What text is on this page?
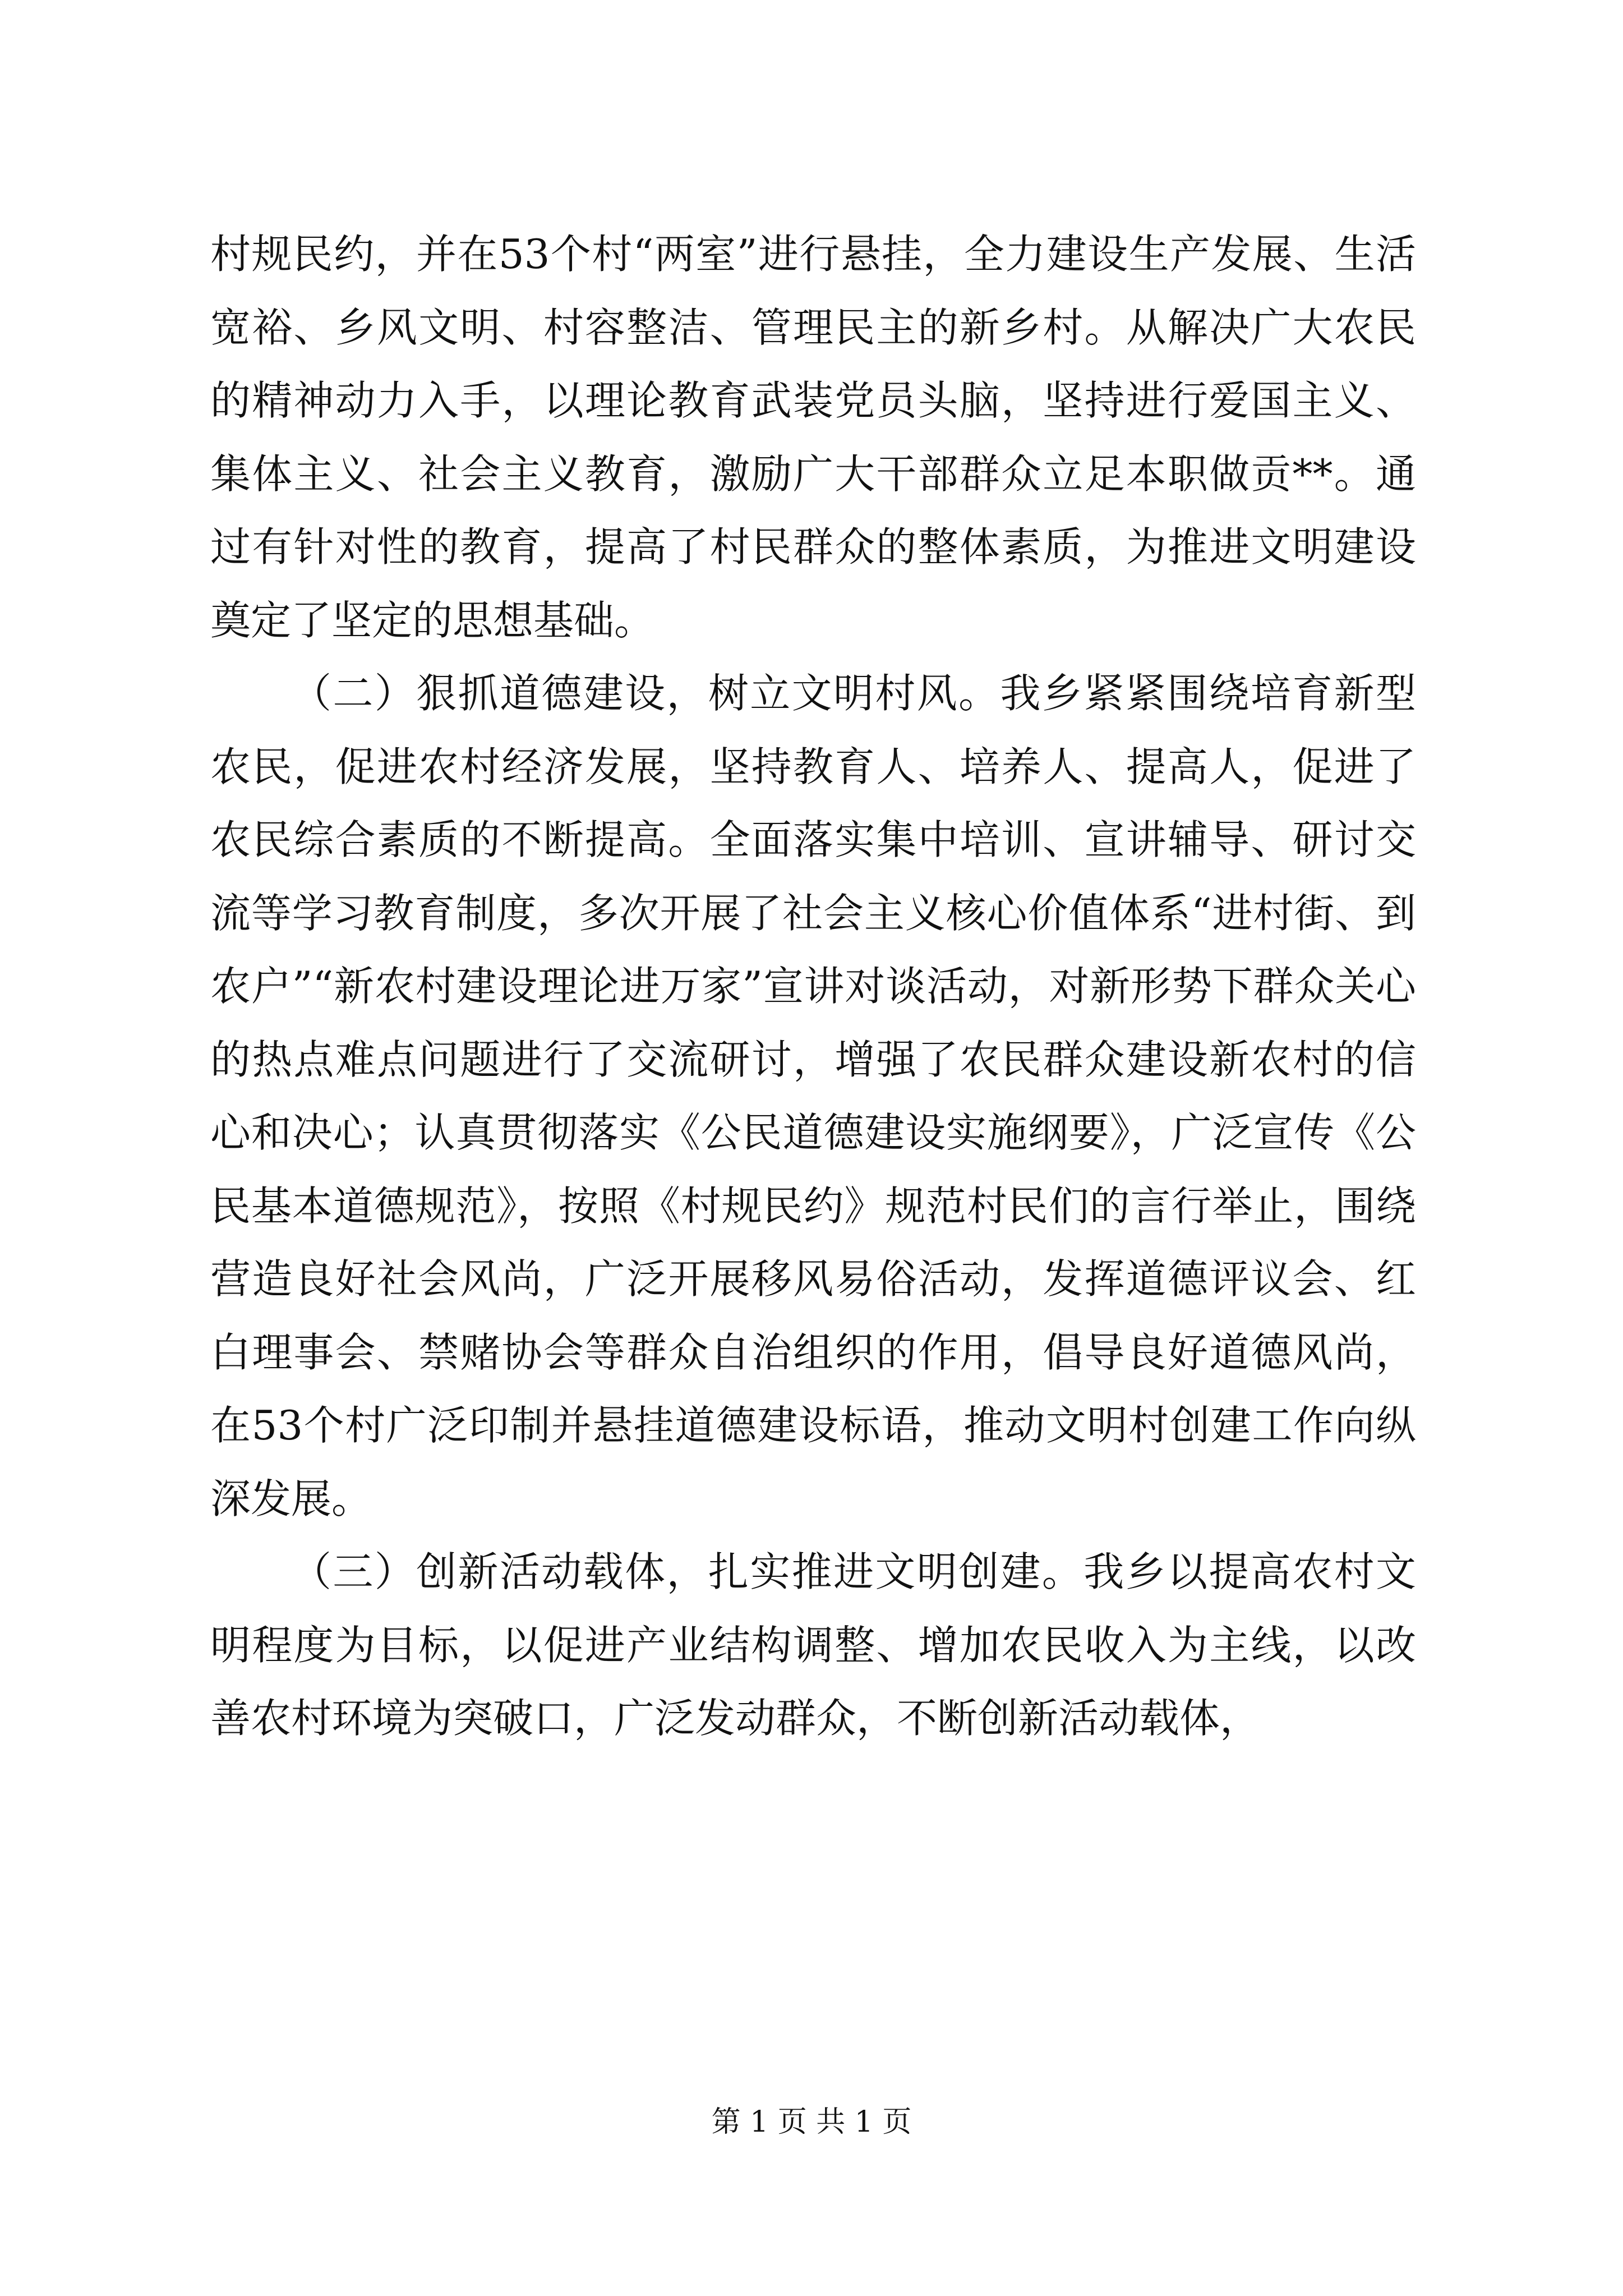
村规民约，并在53个村“两室”进行悬挂，全力建设生产发展、生活宽裕、乡风文明、村容整洁、管理民主的新乡村。从解决广大农民的精神动力入手，以理论教育武装党员头脑，坚持进行爱国主义、集体主义、社会主义教育，激励广大干部群众立足本职做贡**。通过有针对性的教育，提高了村民群众的整体素质，为推进文明建设奠定了坚定的思想基础。

（二）狠抓道德建设，树立文明村风。我乡紧紧围绕培育新型农民，促进农村经济发展，坚持教育人、培养人、提高人，促进了农民综合素质的不断提高。全面落实集中培训、宣讲辅导、研讨交流等学习教育制度，多次开展了社会主义核心价值体系“进村街、到农户”“新农村建设理论进万家”宣讲对谈活动，对新形势下群众关心的热点难点问题进行了交流研讨，增强了农民群众建设新农村的信心和决心；认真贯彻落实《公民道德建设实施纲要》，广泛宣传《公民基本道德规范》，按照《村规民约》规范村民们的言行举止，围绕营造良好社会风尚，广泛开展移风易俗活动，发挥道德评议会、红白理事会、禁赌协会等群众自治组织的作用，倡导良好道德风尚，在53个村广泛印制并悬挂道德建设标语，推动文明村创建工作向纵深发展。

（三）创新活动载体，扎实推进文明创建。我乡以提高农村文明程度为目标，以促进产业结构调整、增加农民收入为主线，以改善农村环境为突破口，广泛发动群众，不断创新活动载体，

第 1 页 共 1 页
